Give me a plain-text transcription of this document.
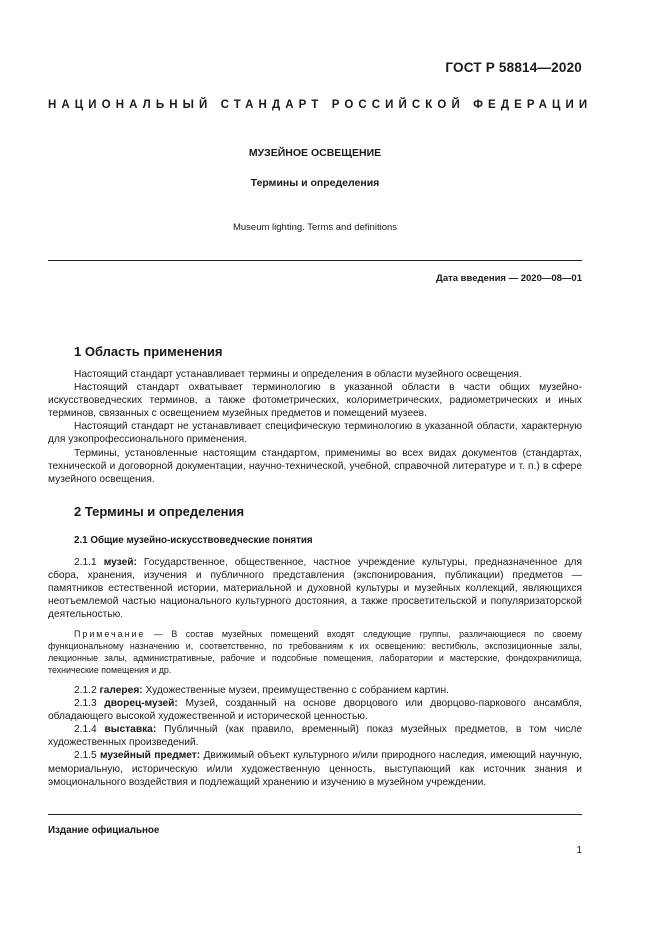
ГОСТ Р 58814—2020
НАЦИОНАЛЬНЫЙ СТАНДАРТ РОССИЙСКОЙ ФЕДЕРАЦИИ
МУЗЕЙНОЕ ОСВЕЩЕНИЕ
Термины и определения
Museum lighting. Terms and definitions
Дата введения — 2020—08—01
1 Область применения

Настоящий стандарт устанавливает термины и определения в области музейного освещения.

Настоящий стандарт охватывает терминологию в указанной области в части общих музейно-искусствоведческих терминов, а также фотометрических, колориметрических, радиометрических и иных терминов, связанных с освещением музейных предметов и помещений музеев.

Настоящий стандарт не устанавливает специфическую терминологию в указанной области, характерную для узкопрофессионального применения.

Термины, установленные настоящим стандартом, применимы во всех видах документов (стандартах, технической и договорной документации, научно-технической, учебной, справочной литературе и т. п.) в сфере музейного освещения.

2 Термины и определения
2.1 Общие музейно-искусствоведческие понятия

2.1.1 музей: Государственное, общественное, частное учреждение культуры, предназначенное для сбора, хранения, изучения и публичного представления (экспонирования, публикации) предметов — памятников естественной истории, материальной и духовной культуры и музейных коллекций, являющихся неотъемлемой частью национального культурного достояния, а также просветительской и популяризаторской деятельностью.

Примечание — В состав музейных помещений входят следующие группы, различающиеся по своему функциональному назначению и, соответственно, по требованиям к их освещению: вестибюль, экспозиционные залы, лекционные залы, административные, рабочие и подсобные помещения, лаборатории и мастерские, фондохранилища, технические помещения и др.

2.1.2 галерея: Художественные музеи, преимущественно с собранием картин.

2.1.3 дворец-музей: Музей, созданный на основе дворцового или дворцово-паркового ансамбля, обладающего высокой художественной и исторической ценностью.

2.1.4 выставка: Публичный (как правило, временный) показ музейных предметов, в том числе художественных произведений.

2.1.5 музейный предмет: Движимый объект культурного и/или природного наследия, имеющий научную, мемориальную, историческую и/или художественную ценность, выступающий как источник знания и эмоционального воздействия и подлежащий хранению и изучению в музейном учреждении.

Издание официальное
1
